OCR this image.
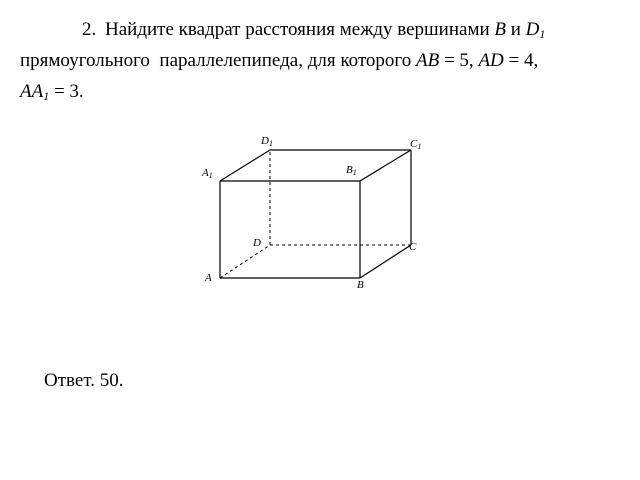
2. Найдите квадрат расстояния между вершинами B и $D_1$
прямоугольного  параллелепипеда, для которого AB = 5, AD = 4,
$AA_1 = 3$.
A
B
C
D
A1	B1
C1
D1
Ответ. 50.
